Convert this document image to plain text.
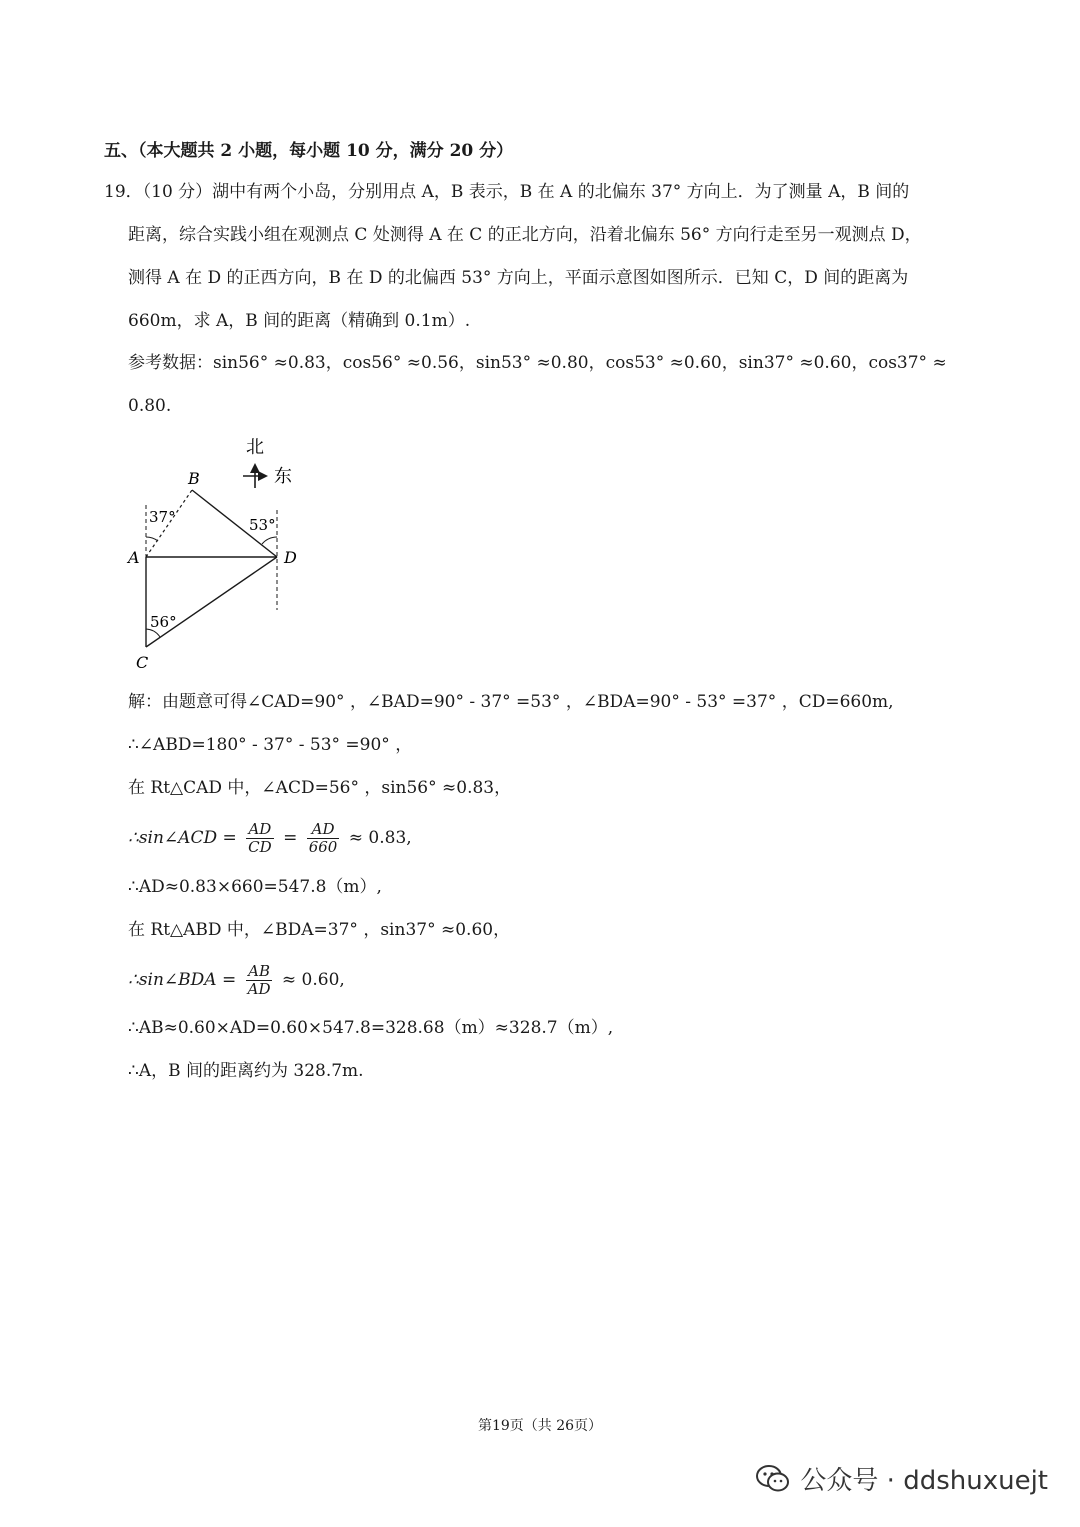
五、（本大题共 2 小题，每小题 10 分，满分 20 分）
19．（10 分）湖中有两个小岛，分别用点 A，B 表示，B 在 A 的北偏东 37° 方向上．为了测量 A，B 间的
距离，综合实践小组在观测点 C 处测得 A 在 C 的正北方向，沿着北偏东 56° 方向行走至另一观测点 D，
测得 A 在 D 的正西方向，B 在 D 的北偏西 53° 方向上，平面示意图如图所示．已知 C，D 间的距离为
660m，求 A，B 间的距离（精确到 0.1m）.
参考数据：sin56° ≈0.83，cos56° ≈0.56，sin53° ≈0.80，cos53° ≈0.60，sin37° ≈0.60，cos37° ≈
0.80.
北
东
B
A	D
C
37°	53°
56°
解：由题意可得∠CAD=90° ，∠BAD=90° - 37° =53° ，∠BDA=90° - 53° =37° ，CD=660m,
∴∠ABD=180° - 37° - 53° =90° ，
在 Rt△CAD 中，∠ACD=56° ，sin56° ≈0.83，
∴sin∠ACD = $\frac{AD}{CD} = \frac{AD}{660} \approx 0.83$,
∴AD≈0.83×660=547.8（m）,
在 Rt△ABD 中，∠BDA=37° ，sin37° ≈0.60，
∴sin∠BDA = $\frac{AB}{AD} \approx 0.60$,
∴AB≈0.60×AD=0.60×547.8=328.68（m）≈328.7（m）,
∴A，B 间的距离约为 328.7m.
第19页（共 26页）
公众号 · ddshuxuejt
